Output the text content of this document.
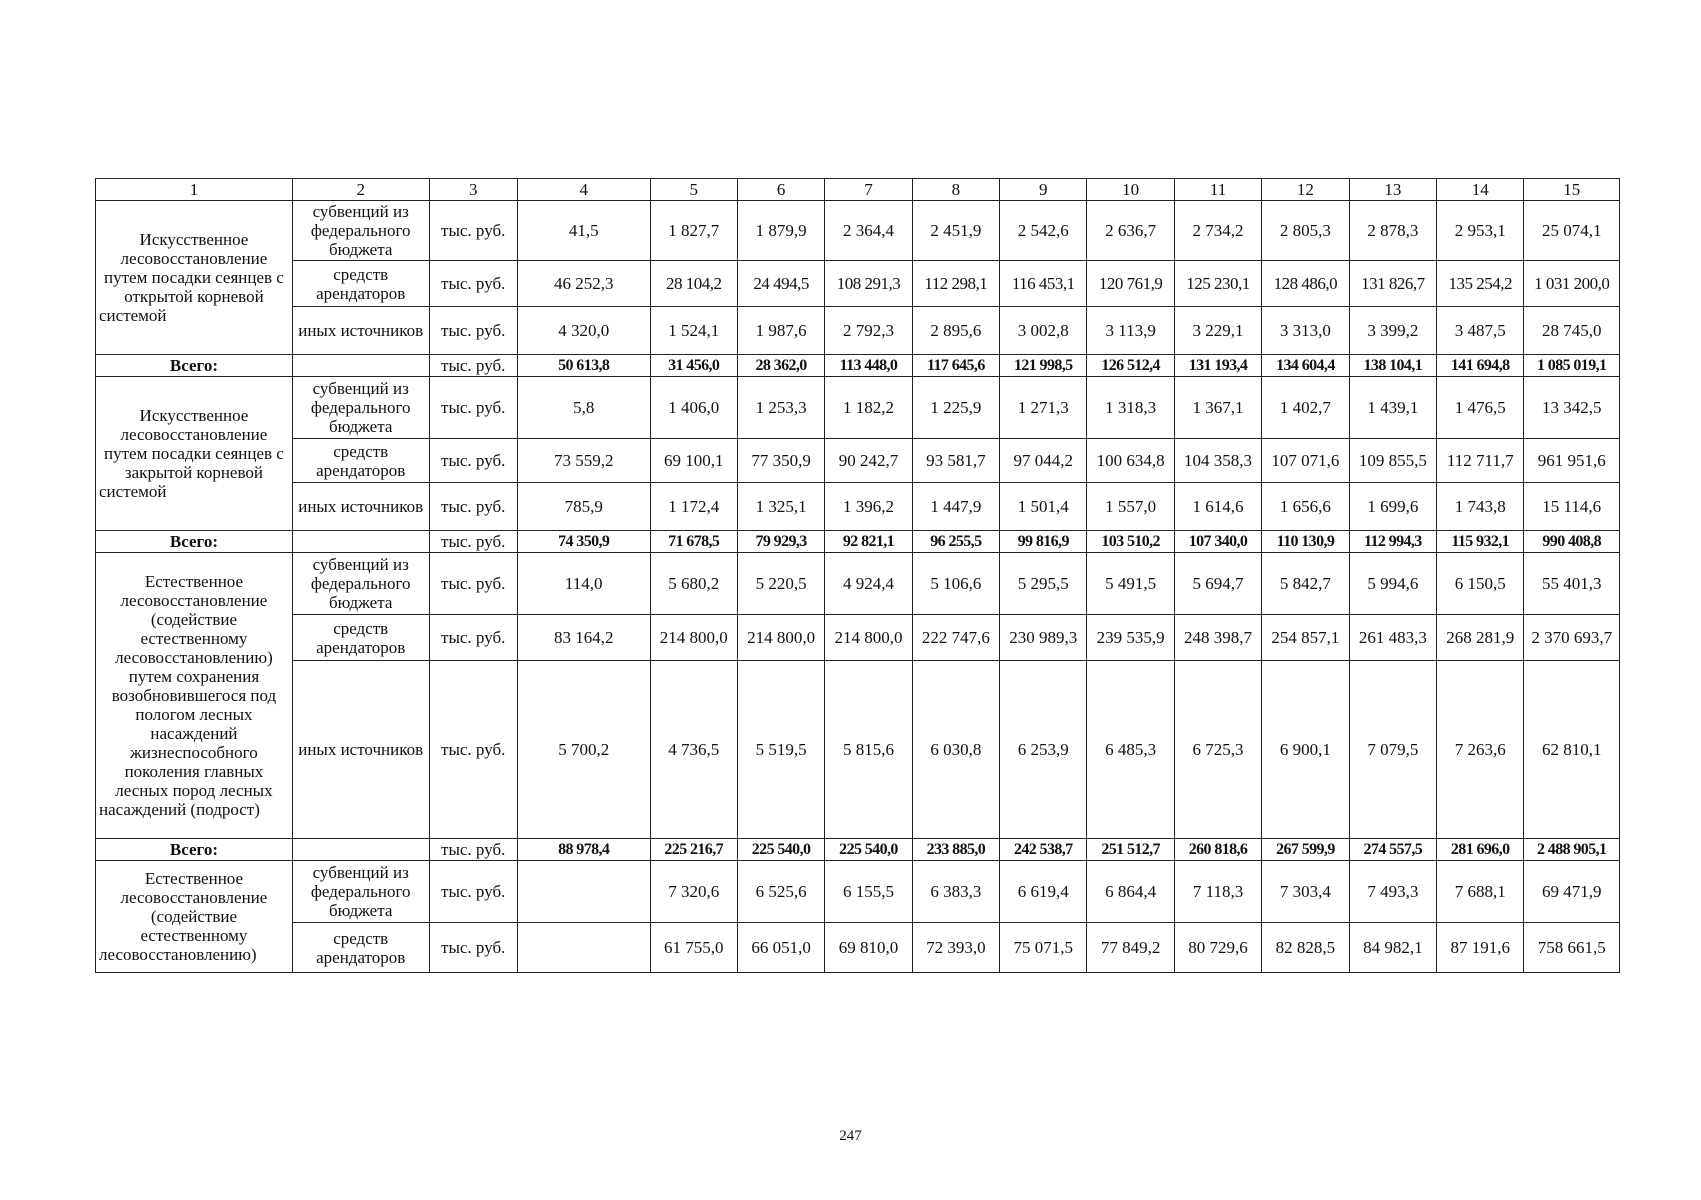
1	2	3	4	5	6	7	8	9	10	11	12	13	14	15
Искусственное лесовосстановление путем посадки сеянцев с открытой корневой системой	субвенций из федерального бюджета	тыс. руб.	41,5	1 827,7	1 879,9	2 364,4	2 451,9	2 542,6	2 636,7	2 734,2	2 805,3	2 878,3	2 953,1	25 074,1
	средств арендаторов	тыс. руб.	46 252,3	28 104,2	24 494,5	108 291,3	112 298,1	116 453,1	120 761,9	125 230,1	128 486,0	131 826,7	135 254,2	1 031 200,0
	иных источников	тыс. руб.	4 320,0	1 524,1	1 987,6	2 792,3	2 895,6	3 002,8	3 113,9	3 229,1	3 313,0	3 399,2	3 487,5	28 745,0
Всего:		тыс. руб.	50 613,8	31 456,0	28 362,0	113 448,0	117 645,6	121 998,5	126 512,4	131 193,4	134 604,4	138 104,1	141 694,8	1 085 019,1
Искусственное лесовосстановление путем посадки сеянцев с закрытой корневой системой	субвенций из федерального бюджета	тыс. руб.	5,8	1 406,0	1 253,3	1 182,2	1 225,9	1 271,3	1 318,3	1 367,1	1 402,7	1 439,1	1 476,5	13 342,5
	средств арендаторов	тыс. руб.	73 559,2	69 100,1	77 350,9	90 242,7	93 581,7	97 044,2	100 634,8	104 358,3	107 071,6	109 855,5	112 711,7	961 951,6
	иных источников	тыс. руб.	785,9	1 172,4	1 325,1	1 396,2	1 447,9	1 501,4	1 557,0	1 614,6	1 656,6	1 699,6	1 743,8	15 114,6
Всего:		тыс. руб.	74 350,9	71 678,5	79 929,3	92 821,1	96 255,5	99 816,9	103 510,2	107 340,0	110 130,9	112 994,3	115 932,1	990 408,8
Естественное лесовосстановление (содействие естественному лесовосстановлению) путем сохранения возобновившегося под пологом лесных насаждений жизнеспособного поколения главных лесных пород лесных насаждений (подрост)	субвенций из федерального бюджета	тыс. руб.	114,0	5 680,2	5 220,5	4 924,4	5 106,6	5 295,5	5 491,5	5 694,7	5 842,7	5 994,6	6 150,5	55 401,3
	средств арендаторов	тыс. руб.	83 164,2	214 800,0	214 800,0	214 800,0	222 747,6	230 989,3	239 535,9	248 398,7	254 857,1	261 483,3	268 281,9	2 370 693,7
	иных источников	тыс. руб.	5 700,2	4 736,5	5 519,5	5 815,6	6 030,8	6 253,9	6 485,3	6 725,3	6 900,1	7 079,5	7 263,6	62 810,1
Всего:		тыс. руб.	88 978,4	225 216,7	225 540,0	225 540,0	233 885,0	242 538,7	251 512,7	260 818,6	267 599,9	274 557,5	281 696,0	2 488 905,1
Естественное лесовосстановление (содействие естественному лесовосстановлению)	субвенций из федерального бюджета	тыс. руб.		7 320,6	6 525,6	6 155,5	6 383,3	6 619,4	6 864,4	7 118,3	7 303,4	7 493,3	7 688,1	69 471,9
	средств арендаторов	тыс. руб.		61 755,0	66 051,0	69 810,0	72 393,0	75 071,5	77 849,2	80 729,6	82 828,5	84 982,1	87 191,6	758 661,5
247
